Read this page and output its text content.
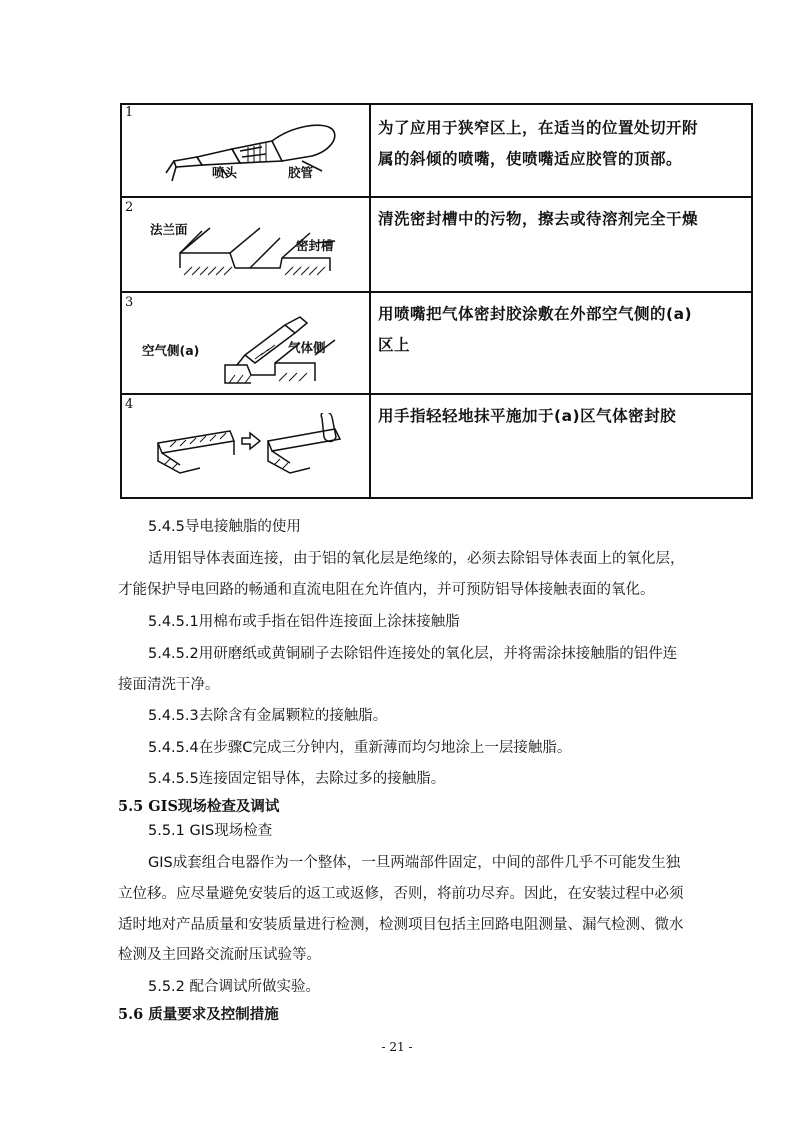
1
喷头	胶管
为了应用于狭窄区上，在适当的位置处切开附
属的斜倾的喷嘴，使喷嘴适应胶管的顶部。
2
法兰面
密封槽
清洗密封槽中的污物，擦去或待溶剂完全干燥
3
空气侧(a)	气体侧
用喷嘴把气体密封胶涂敷在外部空气侧的(a)
区上
4
用手指轻轻地抹平施加于(a)区气体密封胶
5.4.5导电接触脂的使用
适用铝导体表面连接，由于铝的氧化层是绝缘的，必须去除铝导体表面上的氧化层，
才能保护导电回路的畅通和直流电阻在允许值内，并可预防铝导体接触表面的氧化。
5.4.5.1用棉布或手指在铝件连接面上涂抹接触脂
5.4.5.2用研磨纸或黄铜刷子去除铝件连接处的氧化层，并将需涂抹接触脂的铝件连
接面清洗干净。
5.4.5.3去除含有金属颗粒的接触脂。
5.4.5.4在步骤C完成三分钟内，重新薄而均匀地涂上一层接触脂。
5.4.5.5连接固定铝导体，去除过多的接触脂。
5.5 GIS现场检查及调试
5.5.1 GIS现场检查
GIS成套组合电器作为一个整体，一旦两端部件固定，中间的部件几乎不可能发生独
立位移。应尽量避免安装后的返工或返修，否则，将前功尽弃。因此，在安装过程中必须
适时地对产品质量和安装质量进行检测，检测项目包括主回路电阻测量、漏气检测、微水
检测及主回路交流耐压试验等。
5.5.2 配合调试所做实验。
5.6 质量要求及控制措施
- 21 -
